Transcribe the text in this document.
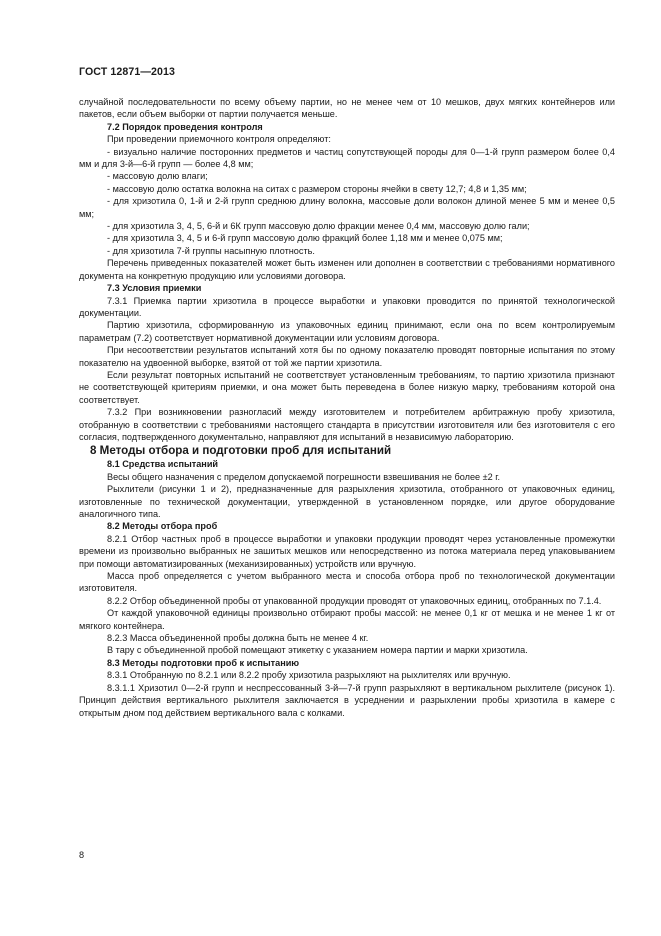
ГОСТ 12871—2013

случайной последовательности по всему объему партии, но не менее чем от 10 мешков, двух мягких контейнеров или пакетов, если объем выборки от партии получается меньше.

7.2 Порядок проведения контроля

При проведении приемочного контроля определяют:

- визуально наличие посторонних предметов и частиц сопутствующей породы для 0—1-й групп размером более 0,4 мм и для 3-й—6-й групп — более 4,8 мм;

- массовую долю влаги;

- массовую долю остатка волокна на ситах с размером стороны ячейки в свету 12,7; 4,8 и 1,35 мм;

- для хризотила 0, 1-й и 2-й групп среднюю длину волокна, массовые доли волокон длиной менее 5 мм и менее 0,5 мм;

- для хризотила 3, 4, 5, 6-й и 6К групп массовую долю фракции менее 0,4 мм, массовую долю гали;

- для хризотила 3, 4, 5 и 6-й групп массовую долю фракций более 1,18 мм и менее 0,075 мм;

- для хризотила 7-й группы насыпную плотность.

Перечень приведенных показателей может быть изменен или дополнен в соответствии с требованиями нормативного документа на конкретную продукцию или условиями договора.

7.3 Условия приемки

7.3.1 Приемка партии хризотила в процессе выработки и упаковки проводится по принятой технологической документации.

Партию хризотила, сформированную из упаковочных единиц принимают, если она по всем контролируемым параметрам (7.2) соответствует нормативной документации или условиям договора.

При несоответствии результатов испытаний хотя бы по одному показателю проводят повторные испытания по этому показателю на удвоенной выборке, взятой от той же партии хризотила.

Если результат повторных испытаний не соответствует установленным требованиям, то партию хризотила признают не соответствующей критериям приемки, и она может быть переведена в более низкую марку, требованиям которой она соответствует.

7.3.2 При возникновении разногласий между изготовителем и потребителем арбитражную пробу хризотила, отобранную в соответствии с требованиями настоящего стандарта в присутствии изготовителя или без изготовителя с его согласия, подтвержденного документально, направляют для испытаний в независимую лабораторию.

8 Методы отбора и подготовки проб для испытаний

8.1 Средства испытаний

Весы общего назначения с пределом допускаемой погрешности взвешивания не более ±2 г.

Рыхлители (рисунки 1 и 2), предназначенные для разрыхления хризотила, отобранного от упаковочных единиц, изготовленные по технической документации, утвержденной в установленном порядке, или другое оборудование аналогичного типа.

8.2 Методы отбора проб

8.2.1 Отбор частных проб в процессе выработки и упаковки продукции проводят через установленные промежутки времени из произвольно выбранных не зашитых мешков или непосредственно из потока материала перед упаковыванием при помощи автоматизированных (механизированных) устройств или вручную.

Масса проб определяется с учетом выбранного места и способа отбора проб по технологической документации изготовителя.

8.2.2 Отбор объединенной пробы от упакованной продукции проводят от упаковочных единиц, отобранных по 7.1.4.

От каждой упаковочной единицы произвольно отбирают пробы массой: не менее 0,1 кг от мешка и не менее 1 кг от мягкого контейнера.

8.2.3 Масса объединенной пробы должна быть не менее 4 кг.

В тару с объединенной пробой помещают этикетку с указанием номера партии и марки хризотила.

8.3 Методы подготовки проб к испытанию

8.3.1 Отобранную по 8.2.1 или 8.2.2 пробу хризотила разрыхляют на рыхлителях или вручную.

8.3.1.1 Хризотил 0—2-й групп и неспрессованный 3-й—7-й групп разрыхляют в вертикальном рыхлителе (рисунок 1). Принцип действия вертикального рыхлителя заключается в усреднении и разрыхлении пробы хризотила в камере с открытым дном под действием вертикального вала с колками.

8
